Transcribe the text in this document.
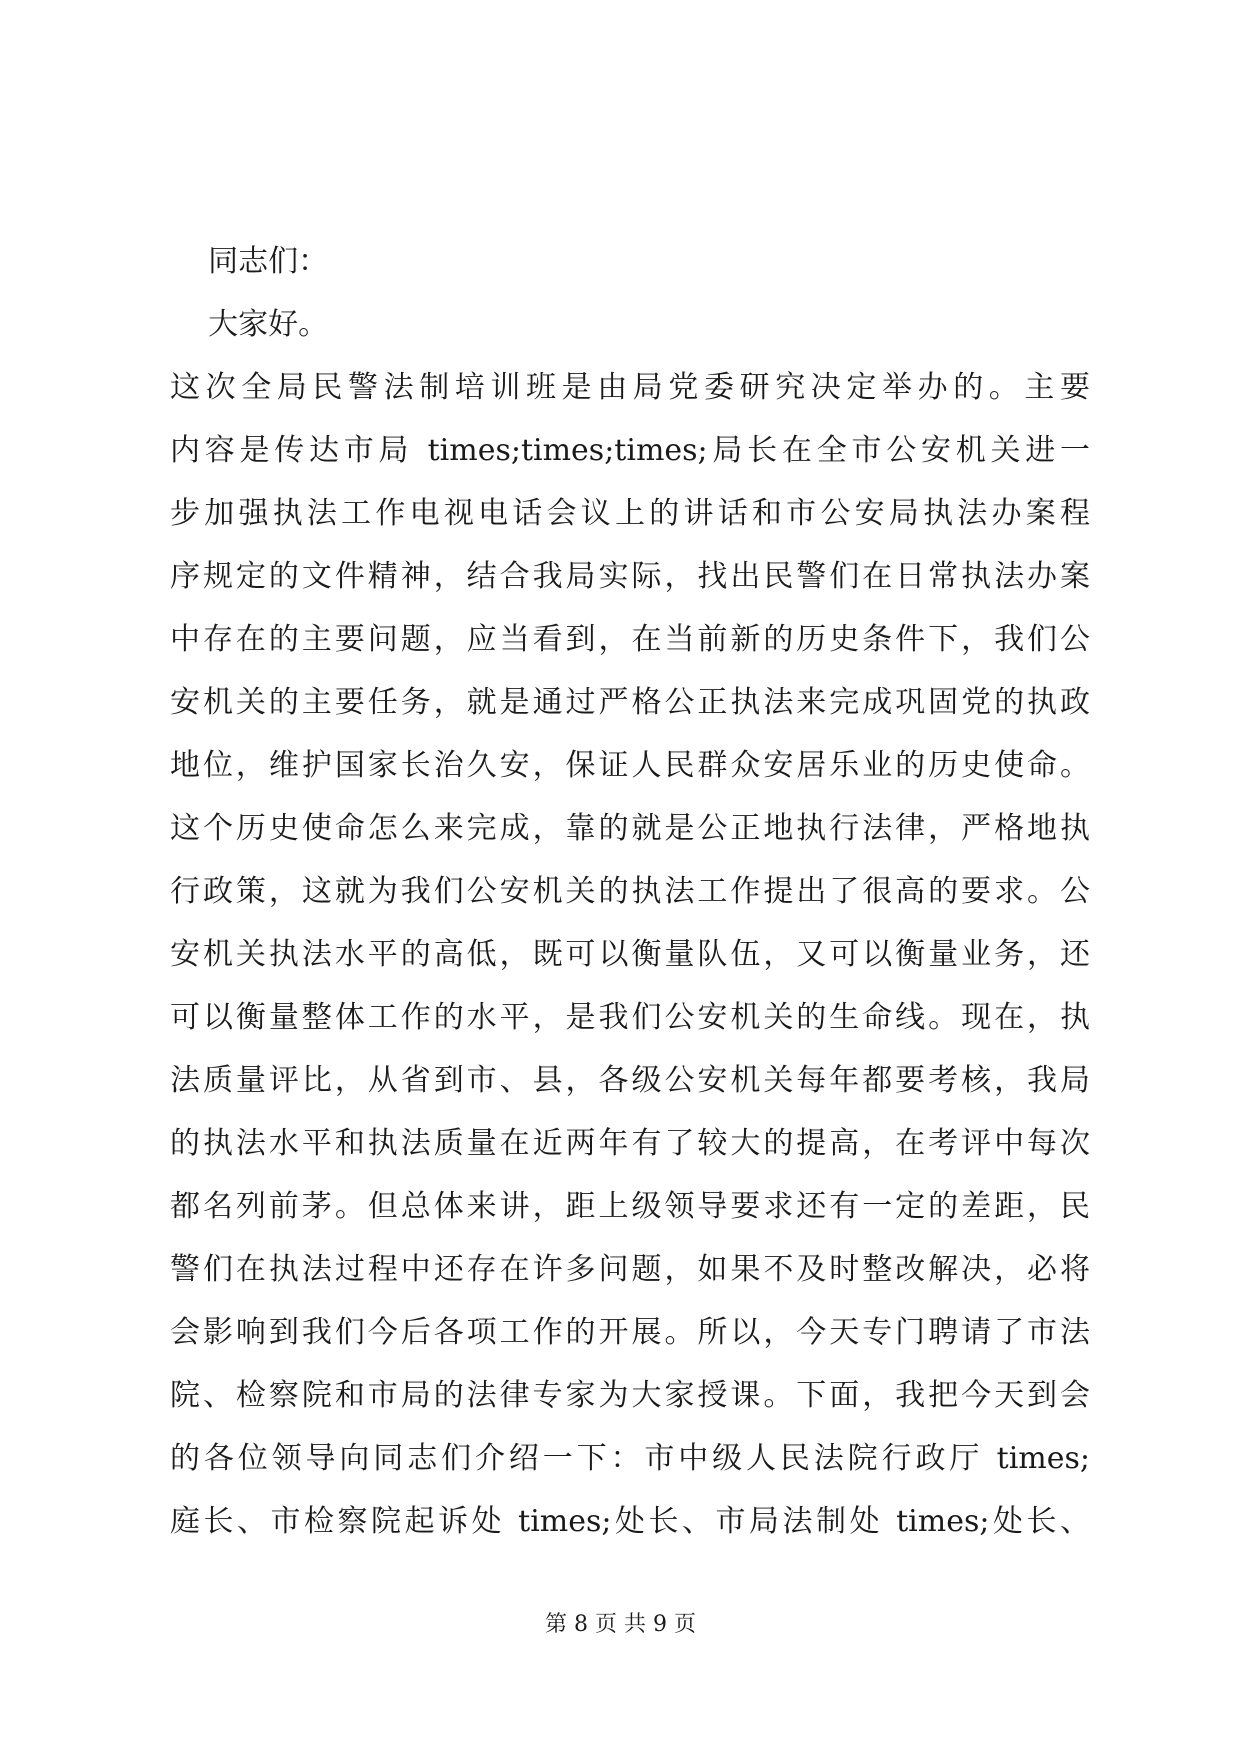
同志们：
大家好。
这次全局民警法制培训班是由局党委研究决定举办的。主要
内容是传达市局 times;times;times;局长在全市公安机关进一
步加强执法工作电视电话会议上的讲话和市公安局执法办案程
序规定的文件精神，结合我局实际，找出民警们在日常执法办案
中存在的主要问题，应当看到，在当前新的历史条件下，我们公
安机关的主要任务，就是通过严格公正执法来完成巩固党的执政
地位，维护国家长治久安，保证人民群众安居乐业的历史使命。
这个历史使命怎么来完成，靠的就是公正地执行法律，严格地执
行政策，这就为我们公安机关的执法工作提出了很高的要求。公
安机关执法水平的高低，既可以衡量队伍，又可以衡量业务，还
可以衡量整体工作的水平，是我们公安机关的生命线。现在，执
法质量评比，从省到市、县，各级公安机关每年都要考核，我局
的执法水平和执法质量在近两年有了较大的提高，在考评中每次
都名列前茅。但总体来讲，距上级领导要求还有一定的差距，民
警们在执法过程中还存在许多问题，如果不及时整改解决，必将
会影响到我们今后各项工作的开展。所以，今天专门聘请了市法
院、检察院和市局的法律专家为大家授课。下面，我把今天到会
的各位领导向同志们介绍一下：市中级人民法院行政厅 times;
庭长、市检察院起诉处 times;处长、市局法制处 times;处长、
第 8 页 共 9 页
